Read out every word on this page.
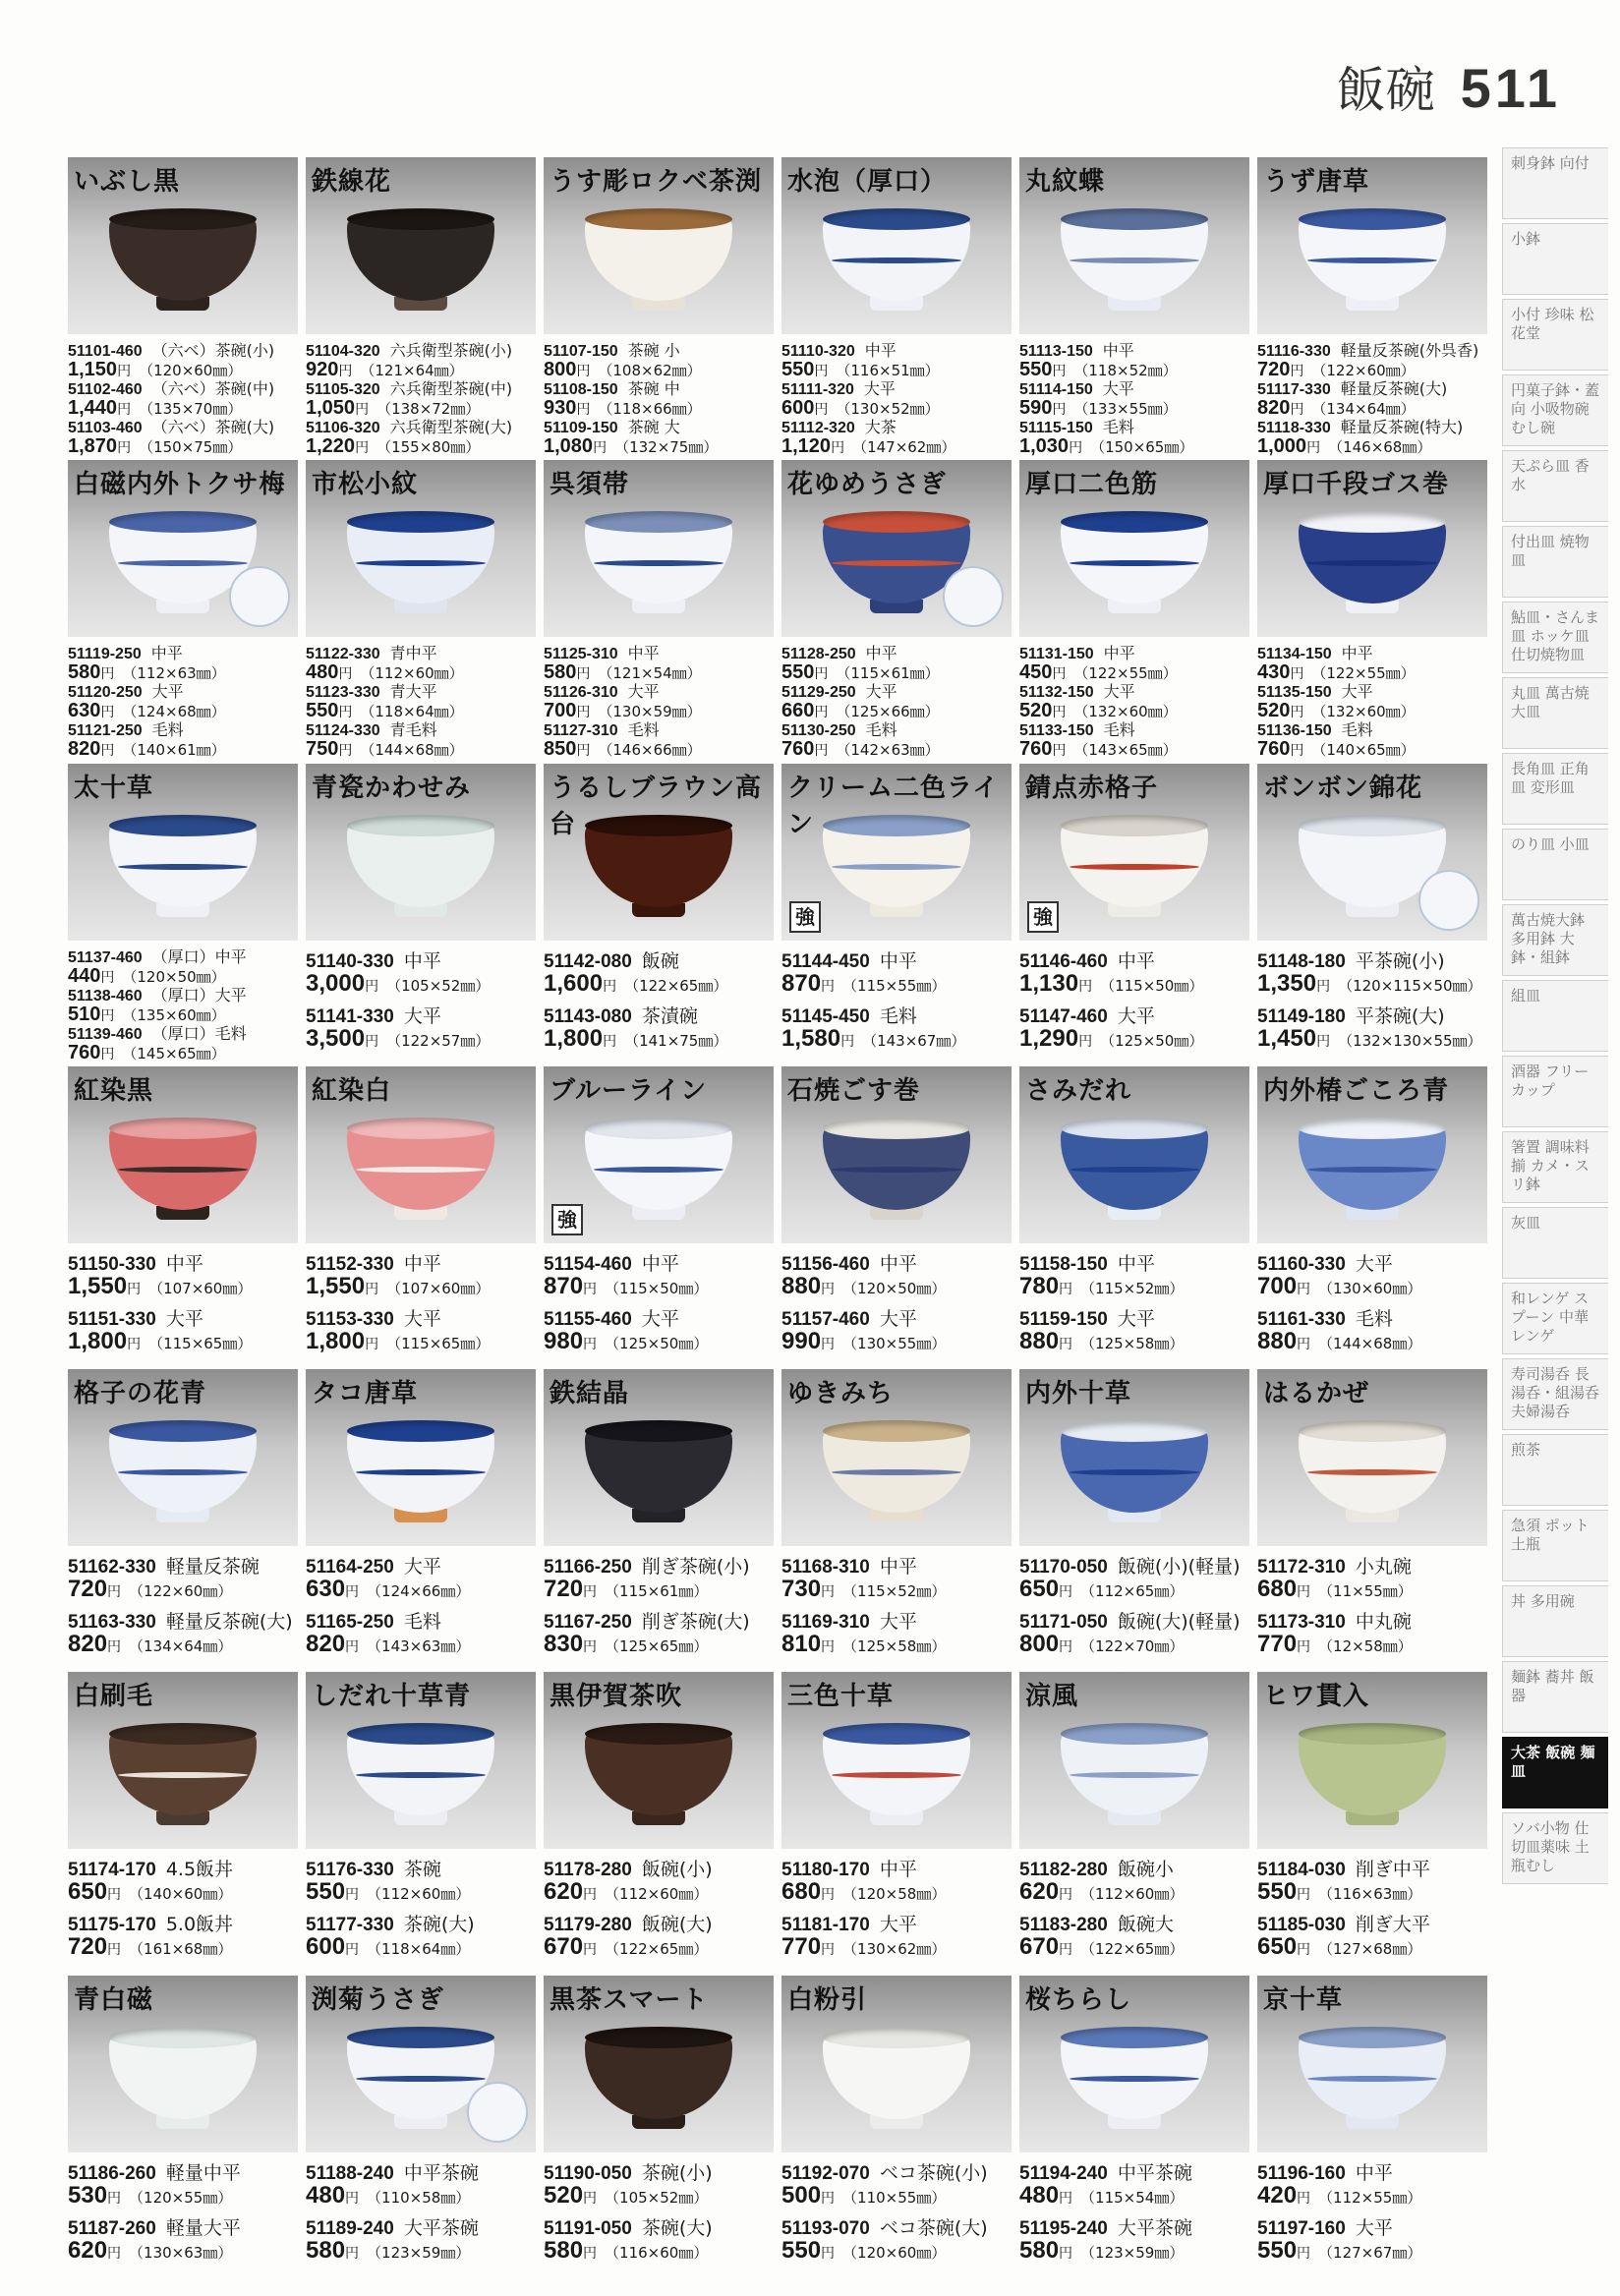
飯碗 511
いぶし黒
51101-460 （六ベ）茶碗(小)
1,150円 （120×60㎜）
51102-460 （六ベ）茶碗(中)
1,440円 （135×70㎜）
51103-460 （六ベ）茶碗(大)
1,870円 （150×75㎜）
鉄線花
51104-320 六兵衛型茶碗(小)
920円 （121×64㎜）
51105-320 六兵衛型茶碗(中)
1,050円 （138×72㎜）
51106-320 六兵衛型茶碗(大)
1,220円 （155×80㎜）
うす彫ロクベ茶渕
51107-150 茶碗 小
800円 （108×62㎜）
51108-150 茶碗 中
930円 （118×66㎜）
51109-150 茶碗 大
1,080円 （132×75㎜）
水泡（厚口）
51110-320 中平
550円 （116×51㎜）
51111-320 大平
600円 （130×52㎜）
51112-320 大茶
1,120円 （147×62㎜）
丸紋蝶
51113-150 中平
550円 （118×52㎜）
51114-150 大平
590円 （133×55㎜）
51115-150 毛料
1,030円 （150×65㎜）
うず唐草
51116-330 軽量反茶碗(外呉香)
720円 （122×60㎜）
51117-330 軽量反茶碗(大)
820円 （134×64㎜）
51118-330 軽量反茶碗(特大)
1,000円 （146×68㎜）
白磁内外トクサ梅
51119-250 中平
580円 （112×63㎜）
51120-250 大平
630円 （124×68㎜）
51121-250 毛料
820円 （140×61㎜）
市松小紋
51122-330 青中平
480円 （112×60㎜）
51123-330 青大平
550円 （118×64㎜）
51124-330 青毛料
750円 （144×68㎜）
呉須帯
51125-310 中平
580円 （121×54㎜）
51126-310 大平
700円 （130×59㎜）
51127-310 毛料
850円 （146×66㎜）
花ゆめうさぎ
51128-250 中平
550円 （115×61㎜）
51129-250 大平
660円 （125×66㎜）
51130-250 毛料
760円 （142×63㎜）
厚口二色筋
51131-150 中平
450円 （122×55㎜）
51132-150 大平
520円 （132×60㎜）
51133-150 毛料
760円 （143×65㎜）
厚口千段ゴス巻
51134-150 中平
430円 （122×55㎜）
51135-150 大平
520円 （132×60㎜）
51136-150 毛料
760円 （140×65㎜）
太十草
51137-460 （厚口）中平
440円 （120×50㎜）
51138-460 （厚口）大平
510円 （135×60㎜）
51139-460 （厚口）毛料
760円 （145×65㎜）
青瓷かわせみ
51140-330 中平
3,000円 （105×52㎜）
51141-330 大平
3,500円 （122×57㎜）
うるしブラウン高台
51142-080 飯碗
1,600円 （122×65㎜）
51143-080 茶漬碗
1,800円 （141×75㎜）
クリーム二色ライン
強
51144-450 中平
870円 （115×55㎜）
51145-450 毛料
1,580円 （143×67㎜）
錆点赤格子
強
51146-460 中平
1,130円 （115×50㎜）
51147-460 大平
1,290円 （125×50㎜）
ボンボン錦花
51148-180 平茶碗(小)
1,350円 （120×115×50㎜）
51149-180 平茶碗(大)
1,450円 （132×130×55㎜）
紅染黒
51150-330 中平
1,550円 （107×60㎜）
51151-330 大平
1,800円 （115×65㎜）
紅染白
51152-330 中平
1,550円 （107×60㎜）
51153-330 大平
1,800円 （115×65㎜）
ブルーライン
強
51154-460 中平
870円 （115×50㎜）
51155-460 大平
980円 （125×50㎜）
石焼ごす巻
51156-460 中平
880円 （120×50㎜）
51157-460 大平
990円 （130×55㎜）
さみだれ
51158-150 中平
780円 （115×52㎜）
51159-150 大平
880円 （125×58㎜）
内外椿ごころ青
51160-330 大平
700円 （130×60㎜）
51161-330 毛料
880円 （144×68㎜）
格子の花青
51162-330 軽量反茶碗
720円 （122×60㎜）
51163-330 軽量反茶碗(大)
820円 （134×64㎜）
タコ唐草
51164-250 大平
630円 （124×66㎜）
51165-250 毛料
820円 （143×63㎜）
鉄結晶
51166-250 削ぎ茶碗(小)
720円 （115×61㎜）
51167-250 削ぎ茶碗(大)
830円 （125×65㎜）
ゆきみち
51168-310 中平
730円 （115×52㎜）
51169-310 大平
810円 （125×58㎜）
内外十草
51170-050 飯碗(小)(軽量)
650円 （112×65㎜）
51171-050 飯碗(大)(軽量)
800円 （122×70㎜）
はるかぜ
51172-310 小丸碗
680円 （11×55㎜）
51173-310 中丸碗
770円 （12×58㎜）
白刷毛
51174-170 4.5飯丼
650円 （140×60㎜）
51175-170 5.0飯丼
720円 （161×68㎜）
しだれ十草青
51176-330 茶碗
550円 （112×60㎜）
51177-330 茶碗(大)
600円 （118×64㎜）
黒伊賀茶吹
51178-280 飯碗(小)
620円 （112×60㎜）
51179-280 飯碗(大)
670円 （122×65㎜）
三色十草
51180-170 中平
680円 （120×58㎜）
51181-170 大平
770円 （130×62㎜）
涼風
51182-280 飯碗小
620円 （112×60㎜）
51183-280 飯碗大
670円 （122×65㎜）
ヒワ貫入
51184-030 削ぎ中平
550円 （116×63㎜）
51185-030 削ぎ大平
650円 （127×68㎜）
青白磁
51186-260 軽量中平
530円 （120×55㎜）
51187-260 軽量大平
620円 （130×63㎜）
渕菊うさぎ
51188-240 中平茶碗
480円 （110×58㎜）
51189-240 大平茶碗
580円 （123×59㎜）
黒茶スマート
51190-050 茶碗(小)
520円 （105×52㎜）
51191-050 茶碗(大)
580円 （116×60㎜）
白粉引
51192-070 ベコ茶碗(小)
500円 （110×55㎜）
51193-070 ベコ茶碗(大)
550円 （120×60㎜）
桜ちらし
51194-240 中平茶碗
480円 （115×54㎜）
51195-240 大平茶碗
580円 （123×59㎜）
京十草
51196-160 中平
420円 （112×55㎜）
51197-160 大平
550円 （127×67㎜）
刺身鉢 向付
小鉢
小付 珍味 松花堂
円菓子鉢・蓋向 小吸物碗 むし碗
天ぷら皿 香水
付出皿 焼物皿
鮎皿・さんま皿 ホッケ皿 仕切焼物皿
丸皿 萬古焼大皿
長角皿 正角皿 変形皿
のり皿 小皿
萬古焼大鉢 多用鉢 大鉢・組鉢
組皿
酒器 フリーカップ
箸置 調味料揃 カメ・スリ鉢
灰皿
和レンゲ スプーン 中華レンゲ
寿司湯呑 長湯呑・組湯呑 夫婦湯呑
煎茶
急須 ポット 土瓶
丼 多用碗
麺鉢 蕎丼 飯器
大茶 飯碗 麺皿
ソバ小物 仕切皿薬味 土瓶むし
